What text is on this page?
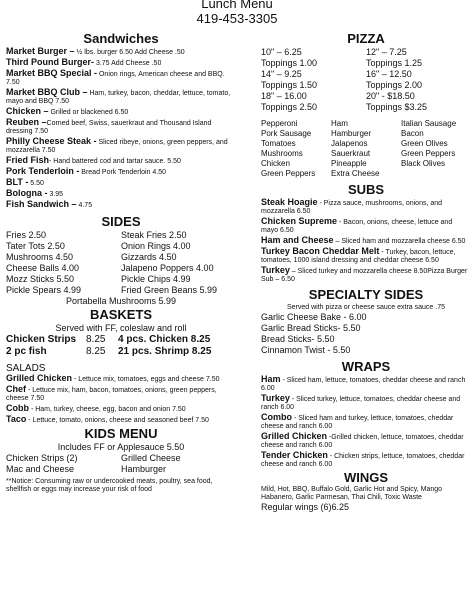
Lunch Menu
419-453-3305
Sandwiches
Market Burger – ½ lbs. burger 6.50 Add Cheese .50
Third Pound Burger- 3.75 Add Cheese .50
Market BBQ Special - Onion rings, American cheese and BBQ. 7.50
Market BBQ Club – Ham, turkey, bacon, cheddar, lettuce, tomato, mayo and BBQ 7.50
Chicken – Grilled or blackened 6.50
Reuben –Corned beef, Swiss, sauerkraut and Thousand Island dressing 7.50
Philly Cheese Steak - Sliced ribeye, onions, green peppers, and mozzarella 7.50
Fried Fish- Hand battered cod and tartar sauce. 5.50
Pork Tenderloin - Bread Pork Tenderloin 4.50
BLT - 5.50
Bologna - 3.95
Fish Sandwich – 4.75
SIDES
Fries 2.50	Steak Fries 2.50
Tater Tots 2.50	Onion Rings 4.00
Mushrooms 4.50	Gizzards 4.50
Cheese Balls 4.00	Jalapeno Poppers 4.00
Mozz Sticks 5.50	Pickle Chips 4.99
Pickle Spears 4.99	Fried Green Beans 5.99
Portabella Mushrooms 5.99
BASKETS
Served with FF, coleslaw and roll
Chicken Strips 8.25	4 pcs. Chicken 8.25
2 pc fish	8.25	21 pcs. Shrimp 8.25
SALADS
Grilled Chicken - Lettuce mix, tomatoes, eggs and cheese 7.50
Chef - Lettuce mix, ham, bacon, tomatoes, onions, green peppers, cheese 7.50
Cobb - Ham, turkey, cheese, egg, bacon and onion 7.50
Taco - Lettuce, tomato, onions, cheese and seasoned beef 7.50
KIDS MENU
Includes FF or Applesauce 5.50
Chicken Strips (2)	Grilled Cheese
Mac and Cheese	Hamburger
**Notice: Consuming raw or undercooked meats, poultry, sea food, shellfish or eggs may increase your risk of food
PIZZA
10" – 6.25	12" – 7.25
Toppings 1.00	Toppings 1.25
14" – 9.25	16" – 12.50
Toppings 1.50	Toppings 2.00
18" – 16.00	20" - $18.50
Toppings 2.50	Toppings $3.25
Pepperoni	Ham	Italian Sausage
Pork Sausage	Hamburger	Bacon
Tomatoes	Jalapenos	Green Olives
Mushrooms	Sauerkraut	Green Peppers
Chicken	Pineapple	Black Olives
Green Peppers	Extra Cheese
SUBS
Steak Hoagie - Pizza sauce, mushrooms, onions, and mozzarella 6.50
Chicken Supreme - Bacon, onions, cheese, lettuce and mayo 6.50
Ham and Cheese – Sliced ham and mozzarella cheese 6.50
Turkey Bacon Cheddar Melt - Turkey, bacon, lettuce, tomatoes, 1000 island dressing and cheddar cheese 6.50
Turkey – Sliced turkey and mozzarella cheese 8.50Pizza Burger Sub – 6.50
SPECIALTY SIDES
Served with pizza or cheese sauce extra sauce .75
Garlic Cheese Bake - 6.00
Garlic Bread Sticks- 5.50
Bread Sticks- 5.50
Cinnamon Twist - 5.50
WRAPS
Ham - Sliced ham, lettuce, tomatoes, cheddar cheese and ranch 6.00
Turkey - Sliced turkey, lettuce, tomatoes, cheddar cheese and ranch 6.00
Combo - Sliced ham and turkey, lettuce, tomatoes, cheddar cheese and ranch 6.00
Grilled Chicken -Grilled chicken, lettuce, tomatoes, cheddar cheese and ranch 6.00
Tender Chicken - Chicken strips, lettuce, tomatoes, cheddar cheese and ranch 6.00
WINGS
Mild, Hot, BBQ, Buffalo Gold, Garlic Hot and Spicy, Mango Habanero, Garlic Parmesan, Thai Chili, Toxic Waste
Regular wings (6)6.25
